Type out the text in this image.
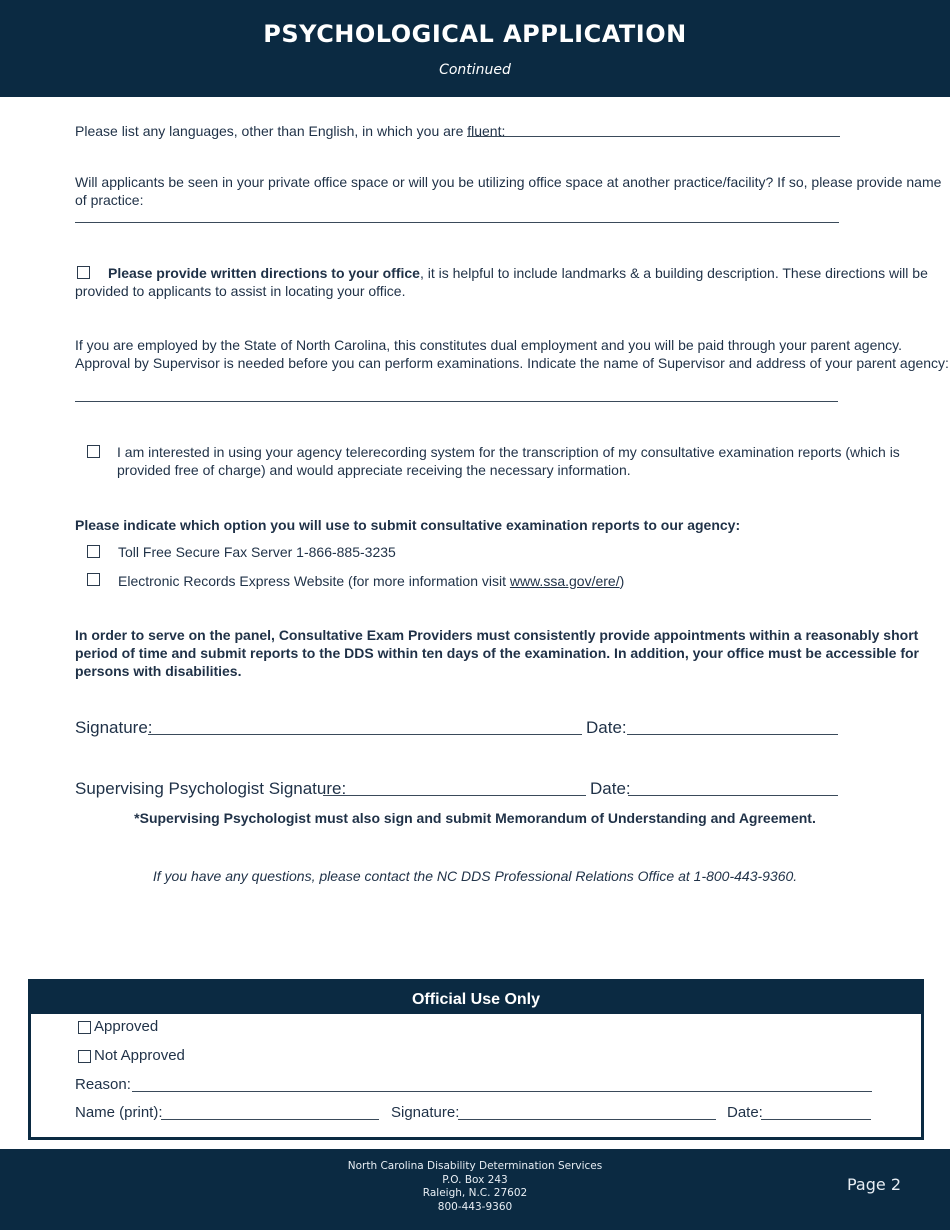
PSYCHOLOGICAL APPLICATION
Continued
Please list any languages, other than English, in which you are fluent:
Will applicants be seen in your private office space or will you be utilizing office space at another practice/facility? If so, please provide name
of practice:
Please provide written directions to your office, it is helpful to include landmarks & a building description. These directions will be
provided to applicants to assist in locating your office.
If you are employed by the State of North Carolina, this constitutes dual employment and you will be paid through your parent agency.
Approval by Supervisor is needed before you can perform examinations. Indicate the name of Supervisor and address of your parent agency:
I am interested in using your agency telerecording system for the transcription of my consultative examination reports (which is
provided free of charge) and would appreciate receiving the necessary information.
Please indicate which option you will use to submit consultative examination reports to our agency:
Toll Free Secure Fax Server 1-866-885-3235
Electronic Records Express Website (for more information visit www.ssa.gov/ere/)
In order to serve on the panel, Consultative Exam Providers must consistently provide appointments within a reasonably short
period of time and submit reports to the DDS within ten days of the examination. In addition, your office must be accessible for
persons with disabilities.
Signature:	Date:
Supervising Psychologist Signature:	Date:
*Supervising Psychologist must also sign and submit Memorandum of Understanding and Agreement.
If you have any questions, please contact the NC DDS Professional Relations Office at 1-800-443-9360.
Official Use Only
Approved
Not Approved
Reason:
Name (print):	Signature:	Date:
North Carolina Disability Determination Services
P.O. Box 243
Raleigh, N.C. 27602
800-443-9360
Page 2
